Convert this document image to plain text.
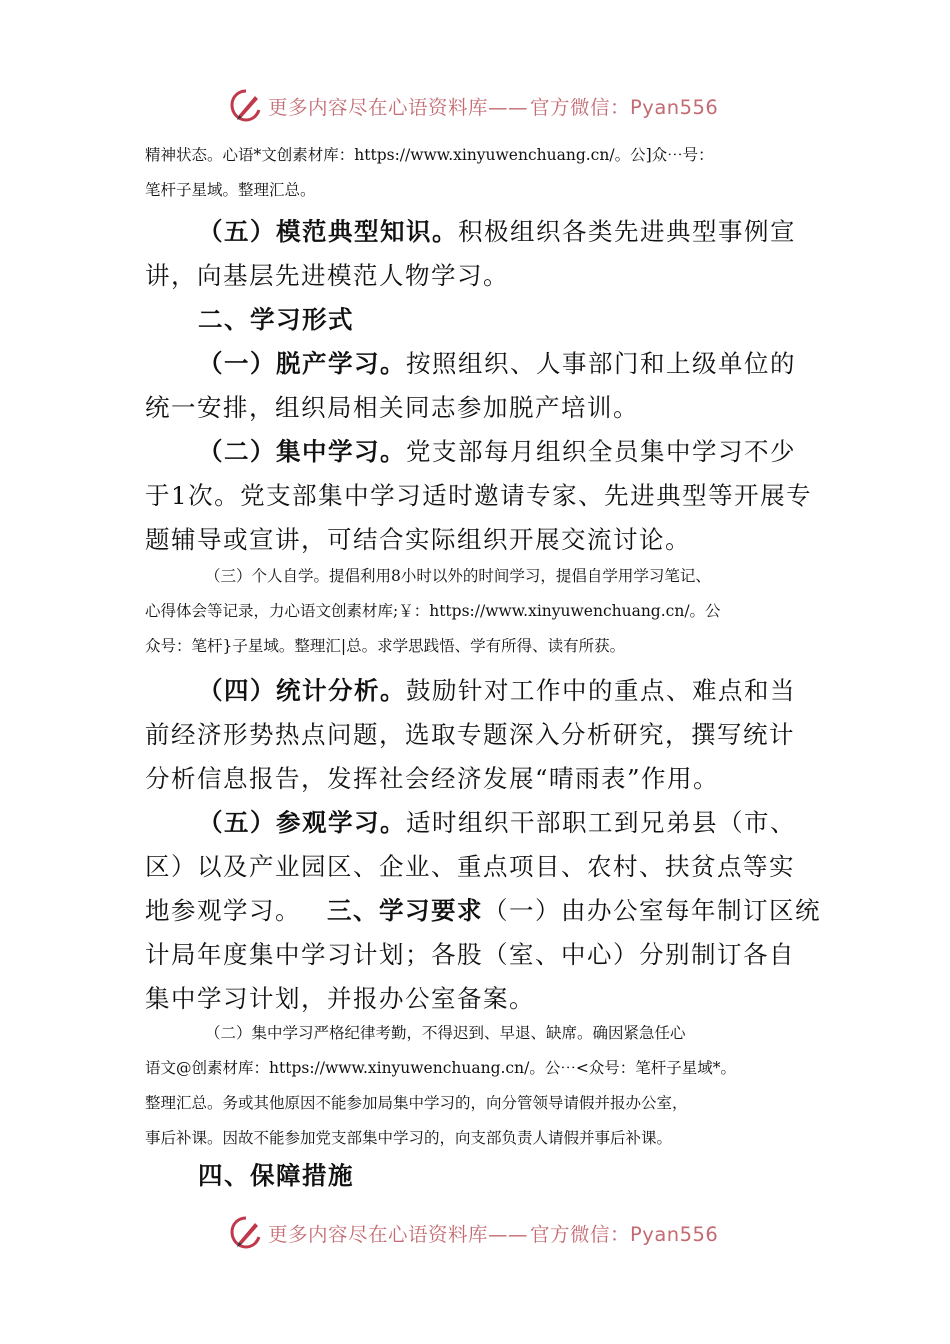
更多内容尽在心语资料库—— 官方微信：Pyan556
精神状态。心语*文创素材库：https://www.xinyuwenchuang.cn/。公]众⋯号：
笔杆子星域。整理汇总。
（五）模范典型知识。积极组织各类先进典型事例宣
讲，向基层先进模范人物学习。
二、学习形式
（一）脱产学习。按照组织、人事部门和上级单位的
统一安排，组织局相关同志参加脱产培训。
（二）集中学习。党支部每月组织全员集中学习不少
于1次。党支部集中学习适时邀请专家、先进典型等开展专
题辅导或宣讲，可结合实际组织开展交流讨论。
（三）个人自学。提倡利用8小时以外的时间学习，提倡自学用学习笔记、
心得体会等记录，力心语文创素材库;￥：https://www.xinyuwenchuang.cn/。公
众号：笔杆}子星域。整理汇|总。求学思践悟、学有所得、读有所获。
（四）统计分析。鼓励针对工作中的重点、难点和当
前经济形势热点问题，选取专题深入分析研究，撰写统计
分析信息报告，发挥社会经济发展“晴雨表”作用。
（五）参观学习。适时组织干部职工到兄弟县（市、
区）以及产业园区、企业、重点项目、农村、扶贫点等实
地参观学习。 三、学习要求（一）由办公室每年制订区统
计局年度集中学习计划；各股（室、中心）分别制订各自
集中学习计划，并报办公室备案。
（二）集中学习严格纪律考勤，不得迟到、早退、缺席。确因紧急任心
语文@创素材库：https://www.xinyuwenchuang.cn/。公⋯<众号：笔杆子星域*。
整理汇总。务或其他原因不能参加局集中学习的，向分管领导请假并报办公室，
事后补课。因故不能参加党支部集中学习的，向支部负责人请假并事后补课。
四、保障措施
更多内容尽在心语资料库—— 官方微信：Pyan556
